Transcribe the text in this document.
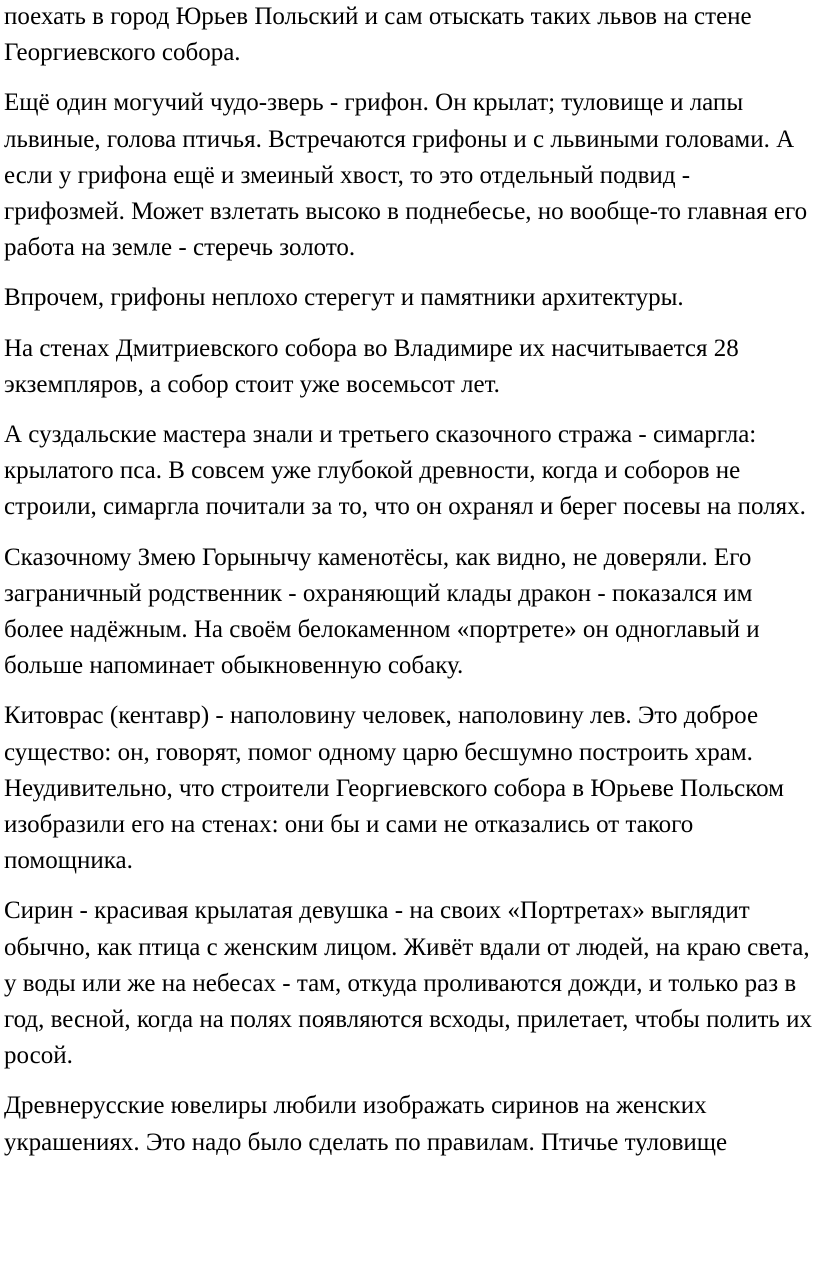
поехать в город Юрьев Польский и сам отыскать таких львов на стене Георгиевского собора.

Ещё один могучий чудо-зверь - грифон. Он крылат; туловище и лапы львиные, голова птичья. Встречаются грифоны и с львиными головами. А если у грифона ещё и змеиный хвост, то это отдельный подвид - грифозмей. Может взлетать высоко в поднебесье, но вообще-то главная его работа на земле - стеречь золото.

Впрочем, грифоны неплохо стерегут и памятники архитектуры.

На стенах Дмитриевского собора во Владимире их насчитывается 28 экземпляров, а собор стоит уже восемьсот лет.

А суздальские мастера знали и третьего сказочного стража - симаргла: крылатого пса. В совсем уже глубокой древности, когда и соборов не строили, симаргла почитали за то, что он охранял и берег посевы на полях.

Сказочному Змею Горынычу каменотёсы, как видно, не доверяли. Его заграничный родственник - охраняющий клады дракон - показался им более надёжным. На своём белокаменном «портрете» он одноглавый и больше напоминает обыкновенную собаку.

Китоврас (кентавр) - наполовину человек, наполовину лев. Это доброе существо: он, говорят, помог одному царю бесшумно построить храм. Неудивительно, что строители Георгиевского собора в Юрьеве Польском изобразили его на стенах: они бы и сами не отказались от такого помощника.

Сирин - красивая крылатая девушка - на своих «Портретах» выглядит обычно, как птица с женским лицом. Живёт вдали от людей, на краю света, у воды или же на небесах - там, откуда проливаются дожди, и только раз в год, весной, когда на полях появляются всходы, прилетает, чтобы полить их росой.

Древнерусские ювелиры любили изображать сиринов на женских украшениях. Это надо было сделать по правилам. Птичье туловище
